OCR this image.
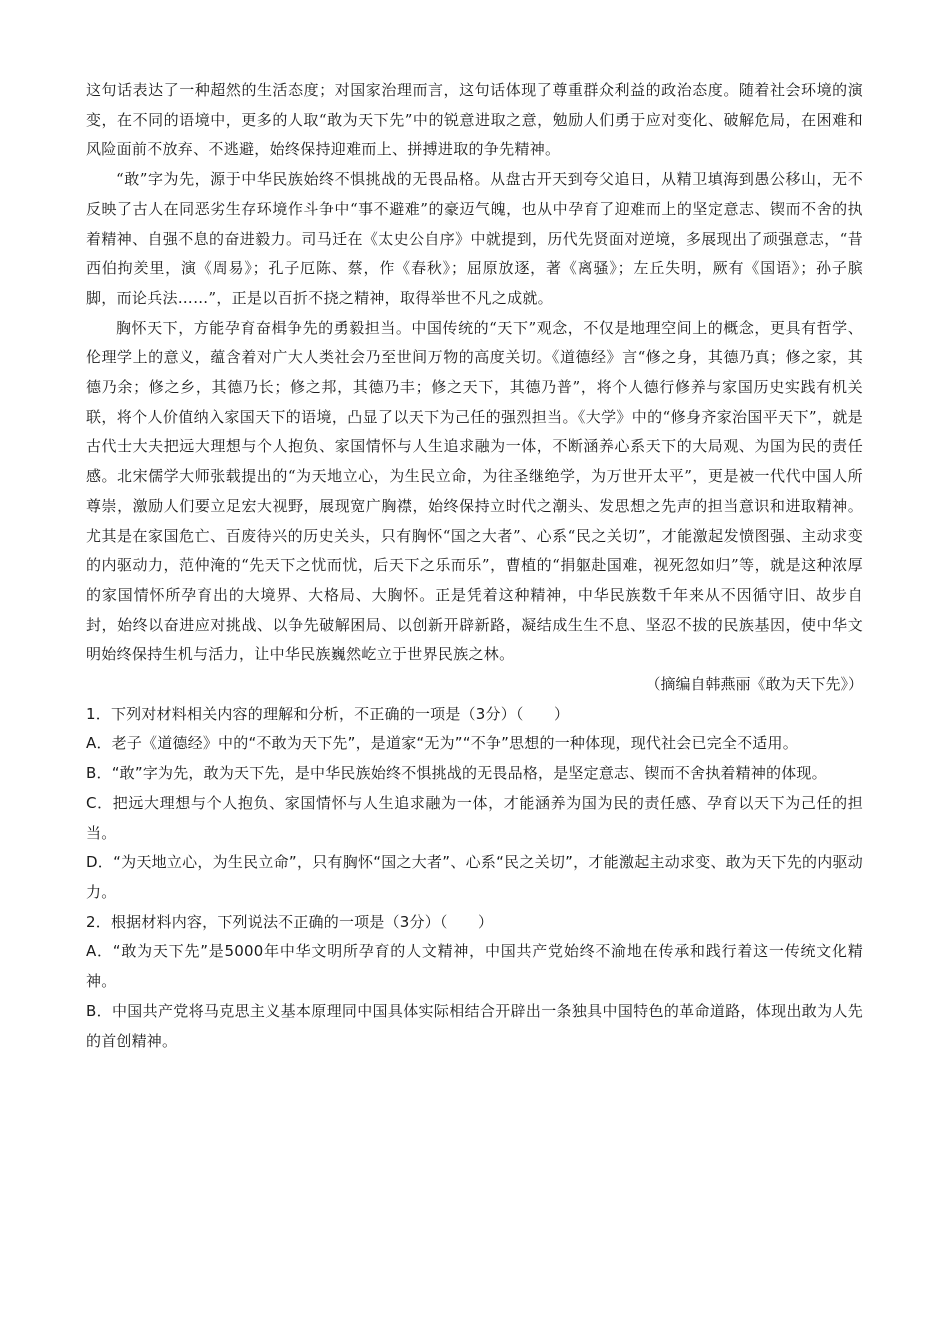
这句话表达了一种超然的生活态度；对国家治理而言，这句话体现了尊重群众利益的政治态度。随着社会环境的演变，在不同的语境中，更多的人取“敢为天下先”中的锐意进取之意，勉励人们勇于应对变化、破解危局，在困难和风险面前不放弃、不逃避，始终保持迎难而上、拼搏进取的争先精神。

“敢”字为先，源于中华民族始终不惧挑战的无畏品格。从盘古开天到夸父追日，从精卫填海到愚公移山，无不反映了古人在同恶劣生存环境作斗争中“事不避难”的豪迈气魄，也从中孕育了迎难而上的坚定意志、锲而不舍的执着精神、自强不息的奋进毅力。司马迁在《太史公自序》中就提到，历代先贤面对逆境，多展现出了顽强意志，“昔西伯拘羑里，演《周易》；孔子厄陈、蔡，作《春秋》；屈原放逐，著《离骚》；左丘失明，厥有《国语》；孙子膑脚，而论兵法……”，正是以百折不挠之精神，取得举世不凡之成就。

胸怀天下，方能孕育奋楫争先的勇毅担当。中国传统的“天下”观念，不仅是地理空间上的概念，更具有哲学、伦理学上的意义，蕴含着对广大人类社会乃至世间万物的高度关切。《道德经》言“修之身，其德乃真；修之家，其德乃余；修之乡，其德乃长；修之邦，其德乃丰；修之天下，其德乃普”，将个人德行修养与家国历史实践有机关联，将个人价值纳入家国天下的语境，凸显了以天下为己任的强烈担当。《大学》中的“修身齐家治国平天下”，就是古代士大夫把远大理想与个人抱负、家国情怀与人生追求融为一体，不断涵养心系天下的大局观、为国为民的责任感。北宋儒学大师张载提出的“为天地立心，为生民立命，为往圣继绝学，为万世开太平”，更是被一代代中国人所尊崇，激励人们要立足宏大视野，展现宽广胸襟，始终保持立时代之潮头、发思想之先声的担当意识和进取精神。尤其是在家国危亡、百废待兴的历史关头，只有胸怀“国之大者”、心系“民之关切”，才能激起发愤图强、主动求变的内驱动力，范仲淹的“先天下之忧而忧，后天下之乐而乐”，曹植的“捐躯赴国难，视死忽如归”等，就是这种浓厚的家国情怀所孕育出的大境界、大格局、大胸怀。正是凭着这种精神，中华民族数千年来从不因循守旧、故步自封，始终以奋进应对挑战、以争先破解困局、以创新开辟新路，凝结成生生不息、坚忍不拔的民族基因，使中华文明始终保持生机与活力，让中华民族巍然屹立于世界民族之林。

（摘编自韩燕丽《敢为天下先》）

1．下列对材料相关内容的理解和分析，不正确的一项是（3分）（　　）

A．老子《道德经》中的“不敢为天下先”，是道家“无为”“不争”思想的一种体现，现代社会已完全不适用。

B．“敢”字为先，敢为天下先，是中华民族始终不惧挑战的无畏品格，是坚定意志、锲而不舍执着精神的体现。

C．把远大理想与个人抱负、家国情怀与人生追求融为一体，才能涵养为国为民的责任感、孕育以天下为己任的担当。

D．“为天地立心，为生民立命”，只有胸怀“国之大者”、心系“民之关切”，才能激起主动求变、敢为天下先的内驱动力。

2．根据材料内容，下列说法不正确的一项是（3分）（　　）

A．“敢为天下先”是5000年中华文明所孕育的人文精神，中国共产党始终不渝地在传承和践行着这一传统文化精神。

B．中国共产党将马克思主义基本原理同中国具体实际相结合开辟出一条独具中国特色的革命道路，体现出敢为人先的首创精神。
